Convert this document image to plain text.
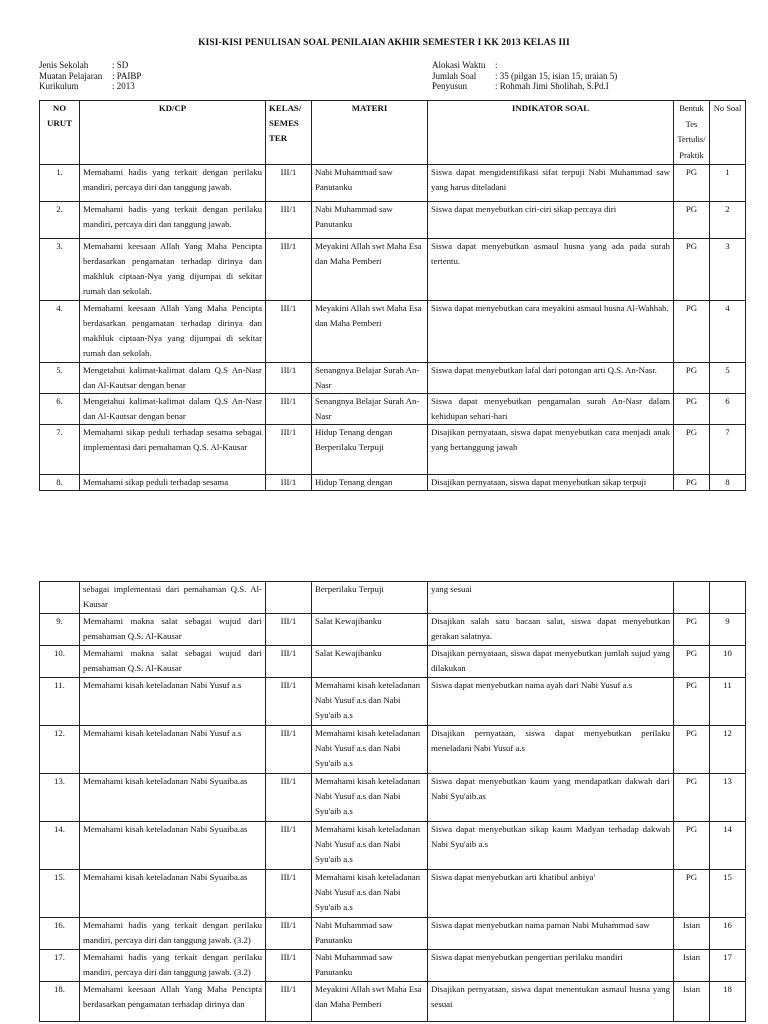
KISI-KISI PENULISAN SOAL PENILAIAN AKHIR SEMESTER I KK 2013 KELAS III
Jenis Sekolah	: SD
Muatan Pelajaran	: PAIBP
Kurikulum	: 2013
Alokasi Waktu	:
Jumlah Soal	: 35 (pilgan 15, isian 15, uraian 5)
Penyusun	: Rohmah Jimi Sholihah, S.Pd.I
NO URUT	KD/CP	KELAS/ SEMES TER	MATERI	INDIKATOR SOAL	Bentuk Tes Tertulis/ Praktik	No Soal
1.	Memahami hadis yang terkait dengan perilaku mandiri, percaya diri dan tanggung jawab.	III/1	Nabi Muhammad saw Panutanku	Siswa dapat mengidentifikasi sifat terpuji Nabi Muhammad saw yang harus diteladani	PG	1
2.	Memahami hadis yang terkait dengan perilaku mandiri, percaya diri dan tanggung jawab.	III/1	Nabi Muhammad saw Panutanku	Siswa dapat menyebutkan ciri-ciri sikap percaya diri	PG	2
3.	Memahami keesaan Allah Yang Maha Pencipta berdasarkan pengamatan terhadap dirinya dan makhluk ciptaan-Nya yang dijumpai di sekitar rumah dan sekolah.	III/1	Meyakini Allah swt Maha Esa dan Maha Pemberi	Siswa dapat menyebutkan asmaul husna yang ada pada surah tertentu.	PG	3
4.	Memahami keesaan Allah Yang Maha Pencipta berdasarkan pengamatan terhadap dirinya dan makhluk ciptaan-Nya yang dijumpai di sekitar rumah dan sekolah.	III/1	Meyakini Allah swt Maha Esa dan Maha Pemberi	Siswa dapat menyebutkan cara meyakini asmaul husna Al-Wahhab.	PG	4
5.	Mengetahui kalimat-kalimat dalam Q.S An-Nasr dan Al-Kautsar dengan benar	III/1	Senangnya Belajar Surah An-Nasr	Siswa dapat menyebutkan lafal dari potongan arti Q.S. An-Nasr.	PG	5
6.	Mengetahui kalimat-kalimat dalam Q.S An-Nasr dan Al-Kautsar dengan benar	III/1	Senangnya Belajar Surah An-Nasr	Siswa dapat menyebutkan pengamalan surah An-Nasr dalam kehidupan sehari-hari	PG	6
7.	Memahami sikap peduli terhadap sesama sebagai implementasi dari pemahaman Q.S. Al-Kausar	III/1	Hidup Tenang dengan Berperilaku Terpuji	Disajikan pernyataan, siswa dapat menyebutkan cara menjadi anak yang bertanggung jawab	PG	7
8.	Memahami sikap peduli terhadap sesama	III/1	Hidup Tenang dengan	Disajikan pernyataan, siswa dapat menyebutkan sikap terpuji	PG	8
	sebagai implementasi dari pemahaman Q.S. Al-Kausar		Berperilaku Terpuji	yang sesuai		
9.	Memahami makna salat sebagai wujud dari pemahaman Q.S. Al-Kausar	III/1	Salat Kewajibanku	Disajikan salah satu bacaan salat, siswa dapat menyebutkan gerakan salatnya.	PG	9
10.	Memahami makna salat sebagai wujud dari pemahaman Q.S. Al-Kausar	III/1	Salat Kewajibanku	Disajikan pernyataan, siswa dapat menyebutkan jumlah sujud yang dilakukan	PG	10
11.	Memahami kisah keteladanan Nabi Yusuf a.s	III/1	Memahami kisah keteladanan Nabi Yusuf a.s dan Nabi Syu'aib a.s	Siswa dapat menyebutkan nama ayah dari Nabi Yusuf a.s	PG	11
12.	Memahami kisah keteladanan Nabi Yusuf a.s	III/1	Memahami kisah keteladanan Nabi Yusuf a.s dan Nabi Syu'aib a.s	Disajikan pernyataan, siswa dapat menyebutkan perilaku meneladani Nabi Yusuf a.s	PG	12
13.	Memahami kisah keteladanan Nabi Syuaiba.as	III/1	Memahami kisah keteladanan Nabi Yusuf a.s dan Nabi Syu'aib a.s	Siswa dapat menyebutkan kaum yang mendapatkan dakwah dari Nabi Syu'aib.as	PG	13
14.	Memahami kisah keteladanan Nabi Syuaiba.as	III/1	Memahami kisah keteladanan Nabi Yusuf a.s dan Nabi Syu'aib a.s	Siswa dapat menyebutkan sikap kaum Madyan terhadap dakwah Nabi Syu'aib a.s	PG	14
15.	Memahami kisah keteladanan Nabi Syuaiba.as	III/1	Memahami kisah keteladanan Nabi Yusuf a.s dan Nabi Syu'aib a.s	Siswa dapat menyebutkan arti khatibul anbiya'	PG	15
16.	Memahami hadis yang terkait dengan perilaku mandiri, percaya diri dan tanggung jawab. (3.2)	III/1	Nabi Muhammad saw Panutanku	Siswa dapat menyebutkan nama paman Nabi Muhammad saw	Isian	16
17.	Memahami hadis yang terkait dengan perilaku mandiri, percaya diri dan tanggung jawab. (3.2)	III/1	Nabi Muhammad saw Panutanku	Siswa dapat menyebutkan pengertian perilaku mandiri	Isian	17
18.	Memahami keesaan Allah Yang Maha Pencipta berdasarkan pengamatan terhadap dirinya dan	III/1	Meyakini Allah swt Maha Esa dan Maha Pemberi	Disajikan pernyataan, siswa dapat menentukan asmaul husna yang sesuai	Isian	18
